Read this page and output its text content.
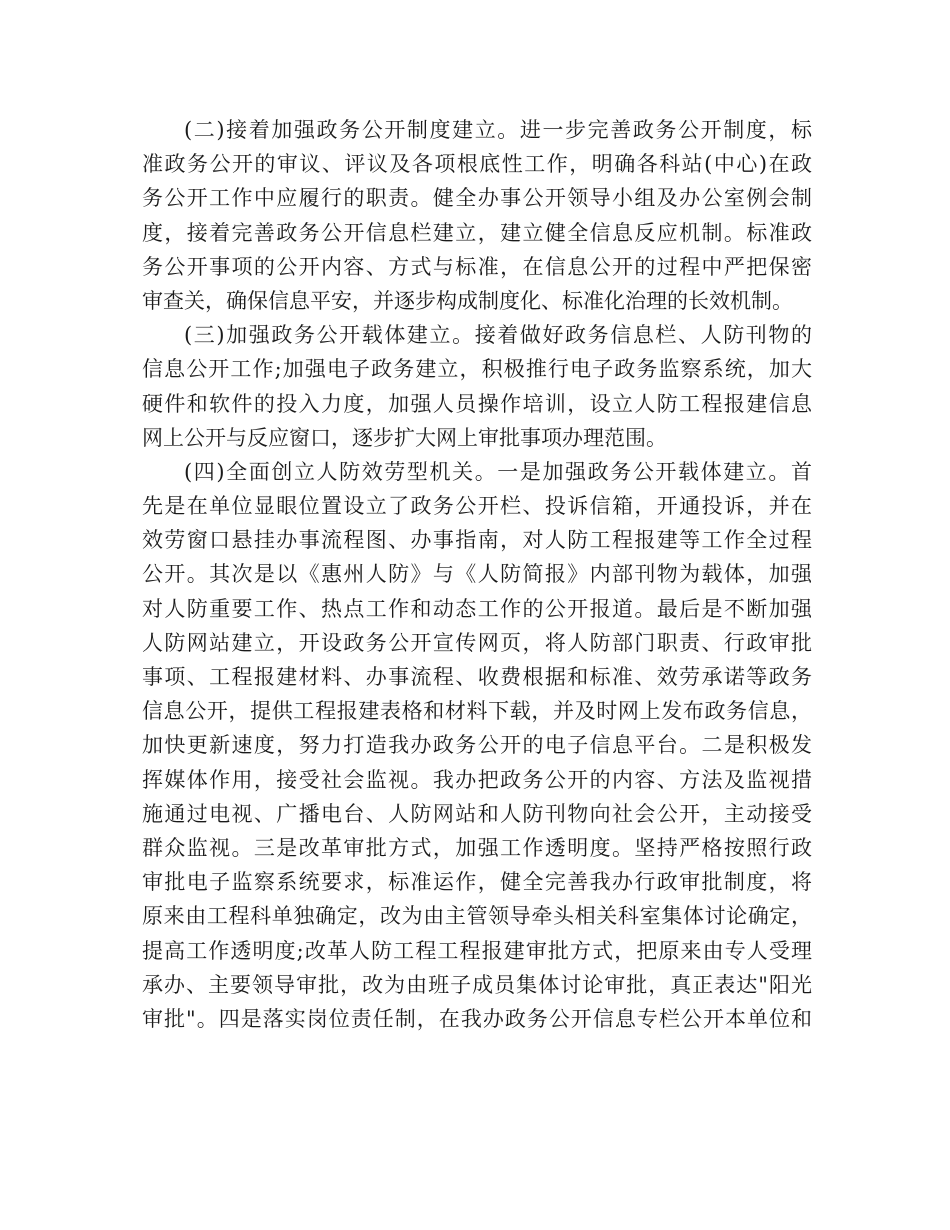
(二)接着加强政务公开制度建立。进一步完善政务公开制度，标
准政务公开的审议、评议及各项根底性工作，明确各科站(中心)在政
务公开工作中应履行的职责。健全办事公开领导小组及办公室例会制
度，接着完善政务公开信息栏建立，建立健全信息反应机制。标准政
务公开事项的公开内容、方式与标准，在信息公开的过程中严把保密
审查关，确保信息平安，并逐步构成制度化、标准化治理的长效机制。
(三)加强政务公开载体建立。接着做好政务信息栏、人防刊物的
信息公开工作;加强电子政务建立，积极推行电子政务监察系统，加大
硬件和软件的投入力度，加强人员操作培训，设立人防工程报建信息
网上公开与反应窗口，逐步扩大网上审批事项办理范围。
(四)全面创立人防效劳型机关。一是加强政务公开载体建立。首
先是在单位显眼位置设立了政务公开栏、投诉信箱，开通投诉，并在
效劳窗口悬挂办事流程图、办事指南，对人防工程报建等工作全过程
公开。其次是以《惠州人防》与《人防简报》内部刊物为载体，加强
对人防重要工作、热点工作和动态工作的公开报道。最后是不断加强
人防网站建立，开设政务公开宣传网页，将人防部门职责、行政审批
事项、工程报建材料、办事流程、收费根据和标准、效劳承诺等政务
信息公开，提供工程报建表格和材料下载，并及时网上发布政务信息，
加快更新速度，努力打造我办政务公开的电子信息平台。二是积极发
挥媒体作用，接受社会监视。我办把政务公开的内容、方法及监视措
施通过电视、广播电台、人防网站和人防刊物向社会公开，主动接受
群众监视。三是改革审批方式，加强工作透明度。坚持严格按照行政
审批电子监察系统要求，标准运作，健全完善我办行政审批制度，将
原来由工程科单独确定，改为由主管领导牵头相关科室集体讨论确定，
提高工作透明度;改革人防工程工程报建审批方式，把原来由专人受理
承办、主要领导审批，改为由班子成员集体讨论审批，真正表达"阳光
审批"。四是落实岗位责任制，在我办政务公开信息专栏公开本单位和
